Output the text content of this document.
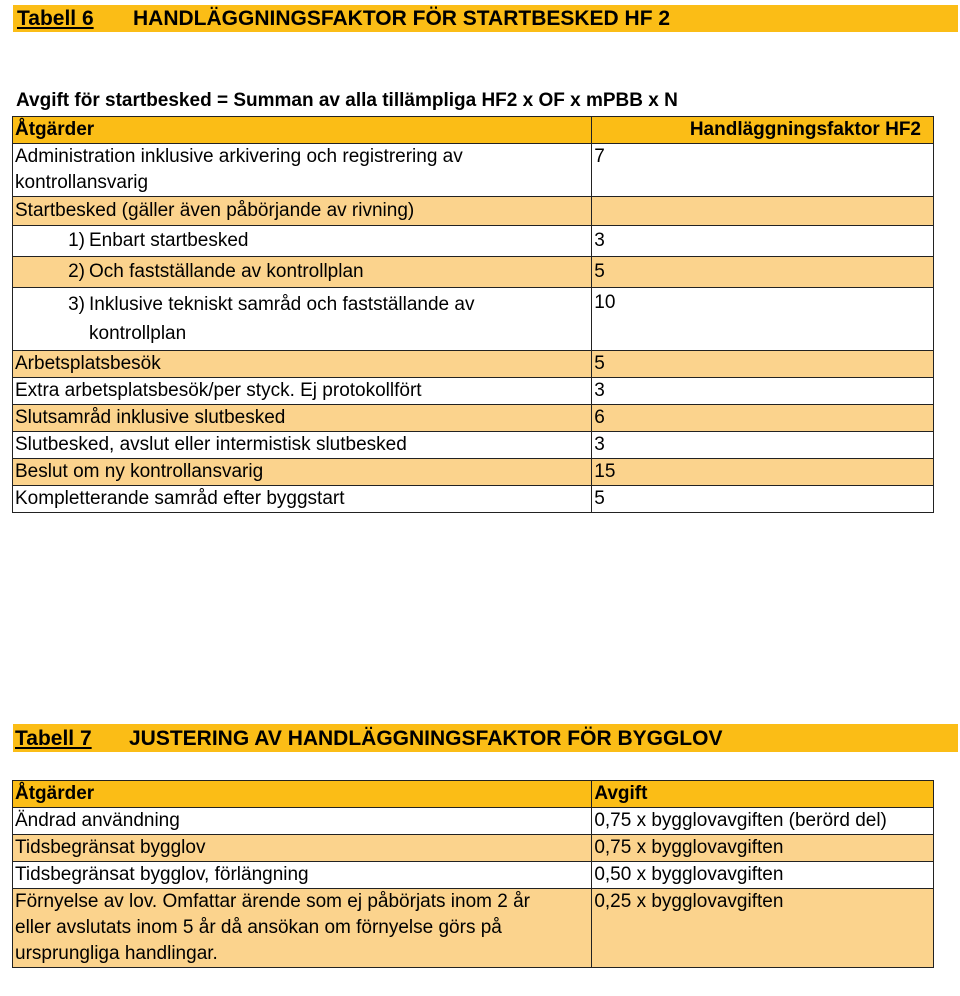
Tabell 6 HANDLÄGGNINGSFAKTOR FÖR STARTBESKED HF 2
Avgift för startbesked = Summan av alla tillämpliga HF2 x OF x mPBB x N
Åtgärder	Handläggningsfaktor HF2
Administration inklusive arkivering och registrering av kontrollansvarig	7
Startbesked (gäller även påbörjande av rivning)	

1) Enbart startbesked	3

2) Och fastställande av kontrollplan	5

3) Inklusive tekniskt samråd och fastställande av kontrollplan	10
Arbetsplatsbesök	5
Extra arbetsplatsbesök/per styck. Ej protokollfört	3
Slutsamråd inklusive slutbesked	6
Slutbesked, avslut eller intermistisk slutbesked	3
Beslut om ny kontrollansvarig	15
Kompletterande samråd efter byggstart	5
Tabell 7 JUSTERING AV HANDLÄGGNINGSFAKTOR FÖR BYGGLOV
Åtgärder	Avgift
Ändrad användning	0,75 x bygglovavgiften (berörd del)
Tidsbegränsat bygglov	0,75 x bygglovavgiften
Tidsbegränsat bygglov, förlängning	0,50 x bygglovavgiften
Förnyelse av lov. Omfattar ärende som ej påbörjats inom 2 år eller avslutats inom 5 år då ansökan om förnyelse görs på ursprungliga handlingar.	0,25 x bygglovavgiften
